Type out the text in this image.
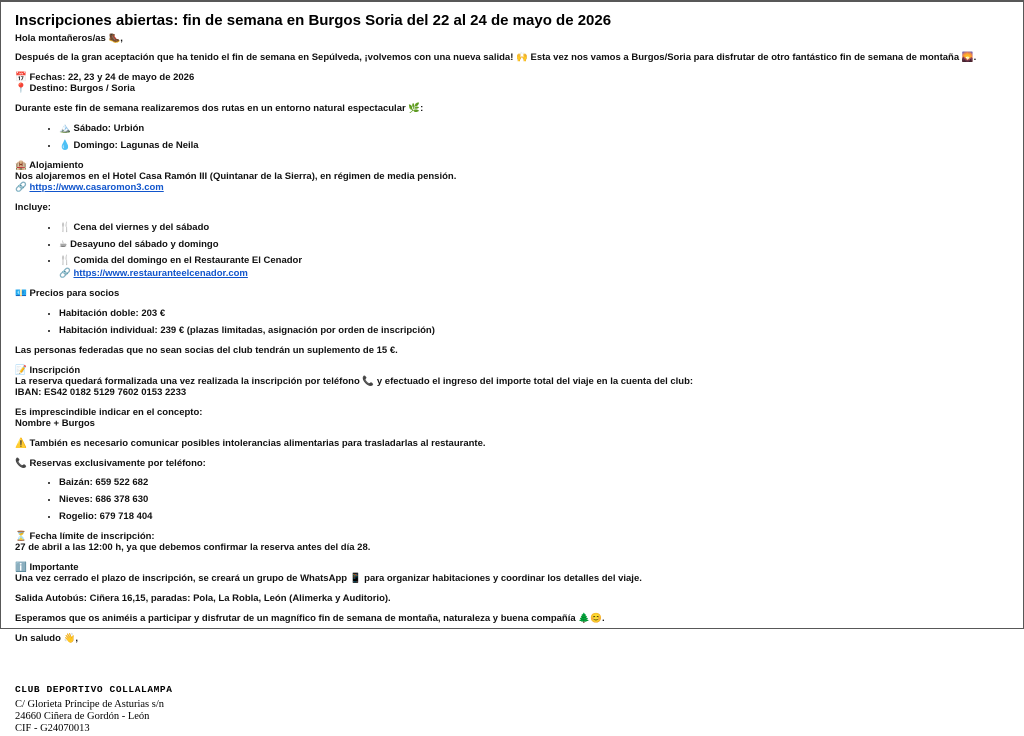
Inscripciones abiertas: fin de semana en Burgos Soria del 22 al 24 de mayo de 2026

Hola montañeros/as 🥾,

Después de la gran aceptación que ha tenido el fin de semana en Sepúlveda, ¡volvemos con una nueva salida! 🙌 Esta vez nos vamos a Burgos/Soria para disfrutar de otro fantástico fin de semana de montaña 🌄.

📅 Fechas: 22, 23 y 24 de mayo de 2026

📍 Destino: Burgos / Soria

Durante este fin de semana realizaremos dos rutas en un entorno natural espectacular 🌿:

• 🏔️ Sábado: Urbión
• 💧 Domingo: Lagunas de Neila

🏨 Alojamiento

Nos alojaremos en el Hotel Casa Ramón III (Quintanar de la Sierra), en régimen de media pensión.

🔗 https://www.casaromon3.com

Incluye:

• 🍴 Cena del viernes y del sábado
• ☕ Desayuno del sábado y domingo
• 🍴 Comida del domingo en el Restaurante El Cenador
🔗 https://www.restauranteelcenador.com

💶 Precios para socios

• Habitación doble: 203 €
• Habitación individual: 239 € (plazas limitadas, asignación por orden de inscripción)

Las personas federadas que no sean socias del club tendrán un suplemento de 15 €.

📝 Inscripción

La reserva quedará formalizada una vez realizada la inscripción por teléfono 📞 y efectuado el ingreso del importe total del viaje en la cuenta del club:

IBAN: ES42 0182 5129 7602 0153 2233

Es imprescindible indicar en el concepto:

Nombre + Burgos

⚠️ También es necesario comunicar posibles intolerancias alimentarias para trasladarlas al restaurante.

📞 Reservas exclusivamente por teléfono:

• Baizán: 659 522 682
• Nieves: 686 378 630
• Rogelio: 679 718 404

⏳ Fecha límite de inscripción:

27 de abril a las 12:00 h, ya que debemos confirmar la reserva antes del día 28.

ℹ️ Importante

Una vez cerrado el plazo de inscripción, se creará un grupo de WhatsApp 📱 para organizar habitaciones y coordinar los detalles del viaje.

Salida Autobús: Ciñera 16,15, paradas: Pola, La Robla, León (Alimerka y Auditorio).

Esperamos que os animéis a participar y disfrutar de un magnífico fin de semana de montaña, naturaleza y buena compañía 🌲😊.

Un saludo 👋,

CLUB DEPORTIVO COLLALAMPA

C/ Glorieta Príncipe de Asturias s/n

24660 Ciñera de Gordón - León

CIF - G24070013
